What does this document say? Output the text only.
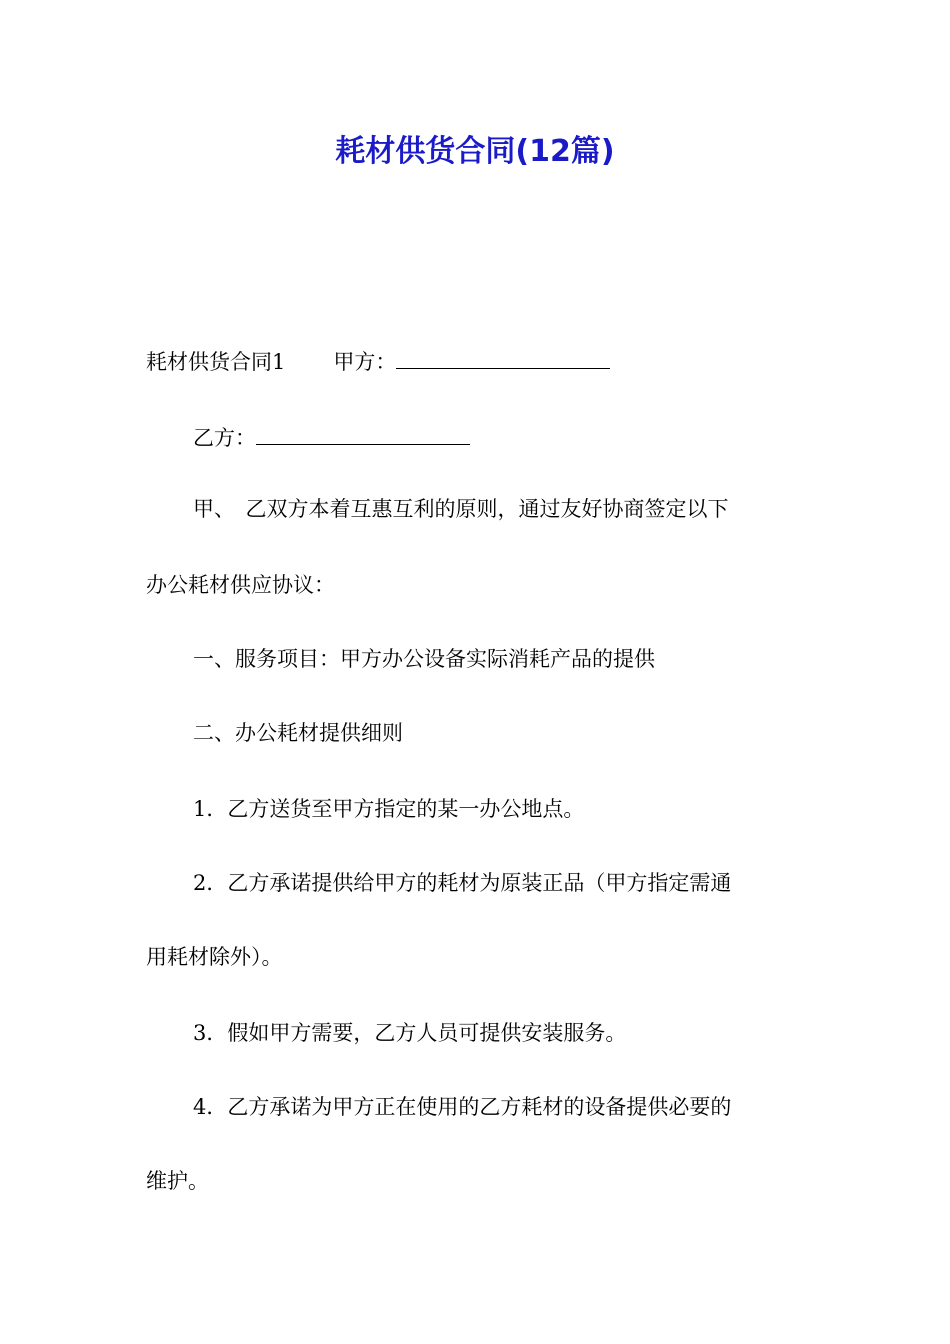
耗材供货合同(12篇)
耗材供货合同1 甲方：
乙方：
甲、　乙双方本着互惠互利的原则，通过友好协商签定以下
办公耗材供应协议：
一、服务项目：甲方办公设备实际消耗产品的提供
二、办公耗材提供细则
1．乙方送货至甲方指定的某一办公地点。
2．乙方承诺提供给甲方的耗材为原装正品（甲方指定需通
用耗材除外）。
3．假如甲方需要，乙方人员可提供安装服务。
4．乙方承诺为甲方正在使用的乙方耗材的设备提供必要的
维护。
